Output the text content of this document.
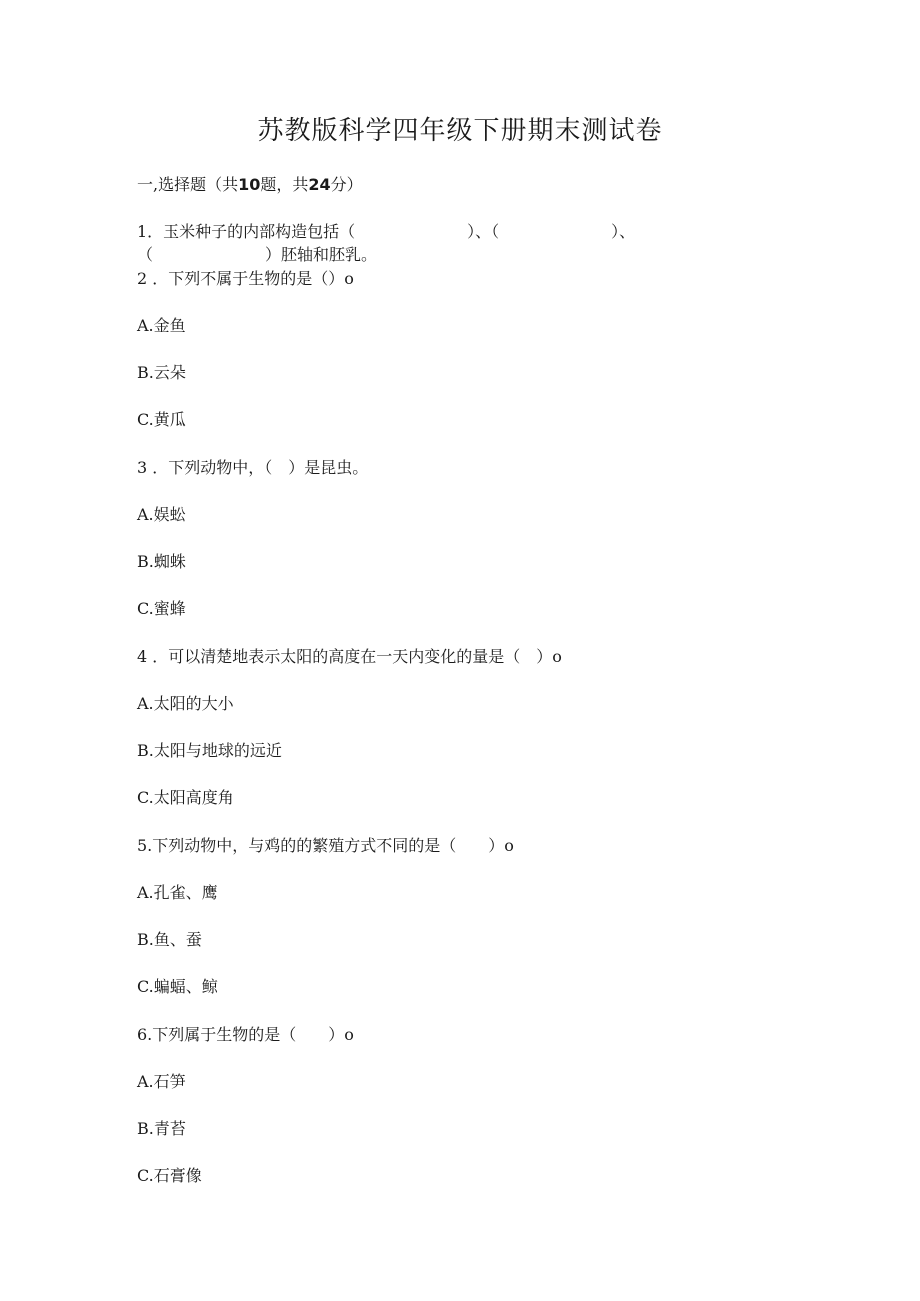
苏教版科学四年级下册期末测试卷
一,选择题（共10题，共24分）
1．玉米种子的内部构造包括（　　　　　　　）、（　　　　　　　）、
（　　　　　　　）胚轴和胚乳。
2 ．下列不属于生物的是（）o
A.金鱼
B.云朵
C.黄瓜
3 ．下列动物中，（　）是昆虫。
A.娱蚣
B.蜘蛛
C.蜜蜂
4 ．可以清楚地表示太阳的高度在一天内变化的量是（　）o
A.太阳的大小
B.太阳与地球的远近
C.太阳高度角
5.下列动物中，与鸡的的繁殖方式不同的是（　　）o
A.孔雀、鹰
B.鱼、蚕
C.蝙蝠、鲸
6.下列属于生物的是（　　）o
A.石笋
B.青苔
C.石膏像
